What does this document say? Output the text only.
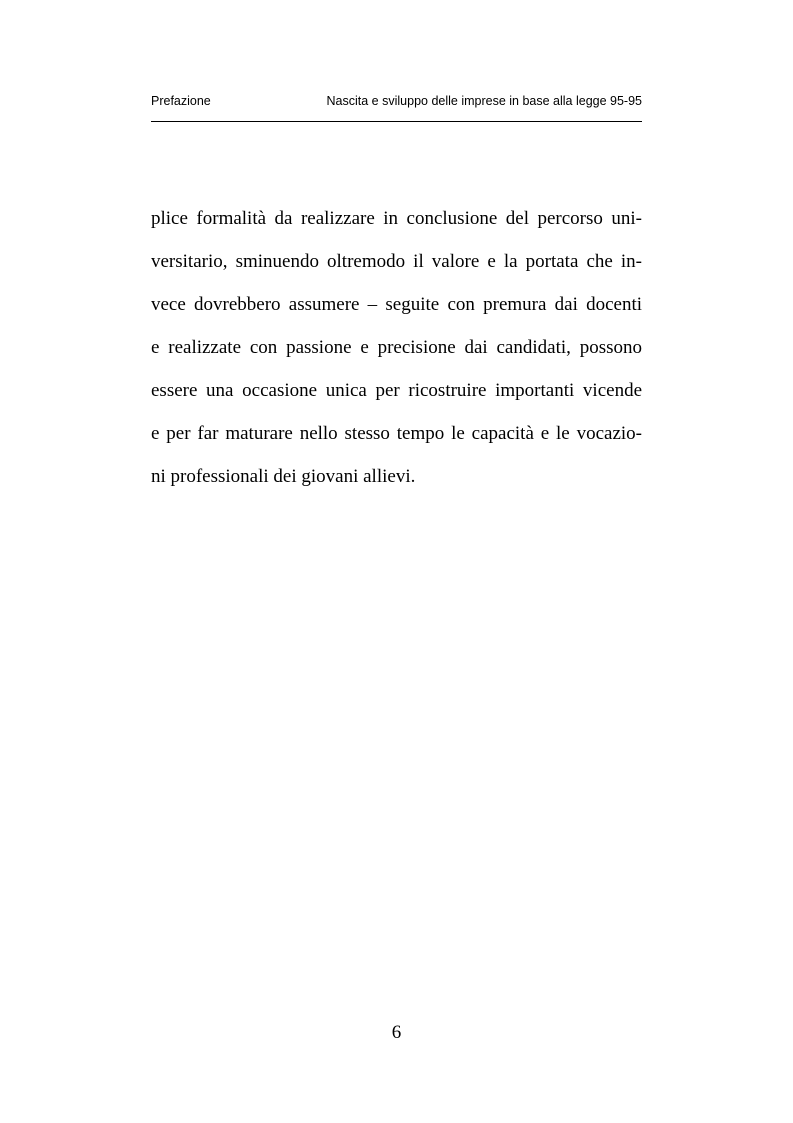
Prefazione	Nascita e sviluppo delle imprese in base alla legge 95-95
plice formalità da realizzare in conclusione del percorso uni-
versitario, sminuendo oltremodo il valore e la portata che in-
vece dovrebbero assumere – seguite con premura dai docenti
e realizzate con passione e precisione dai candidati, possono
essere una occasione unica per ricostruire importanti vicende
e per far maturare nello stesso tempo le capacità e le vocazio-
ni professionali dei giovani allievi.
6
